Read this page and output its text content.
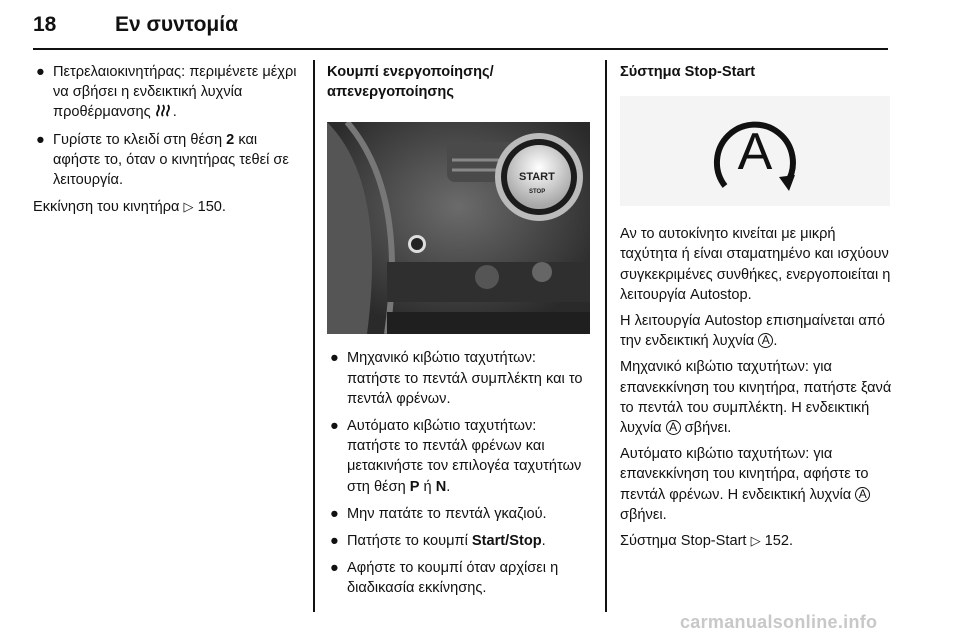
18	Εν συντομία
● Πετρελαιοκινητήρας: περιμένετε μέχρι να σβήσει η ενδεικτική λυχνία προθέρμανσης .
● Γυρίστε το κλειδί στη θέση 2 και αφήστε το, όταν ο κινητήρας τεθεί σε λειτουργία.

Εκκίνηση του κινητήρα ▷ 150.

Κουμπί ενεργοποίησης/ απενεργοποίησης
START
STOP
● Μηχανικό κιβώτιο ταχυτήτων: πατήστε το πεντάλ συμπλέκτη και το πεντάλ φρένων.
● Αυτόματο κιβώτιο ταχυτήτων: πατήστε το πεντάλ φρένων και μετακινήστε τον επιλογέα ταχυτήτων στη θέση P ή N.
● Μην πατάτε το πεντάλ γκαζιού.
● Πατήστε το κουμπί Start/Stop.
● Αφήστε το κουμπί όταν αρχίσει η διαδικασία εκκίνησης.
Σύστημα Stop-Start
A

Αν το αυτοκίνητο κινείται με μικρή ταχύτητα ή είναι σταματημένο και ισχύουν συγκεκριμένες συνθήκες, ενεργοποιείται η λειτουργία Autostop.

Η λειτουργία Autostop επισημαίνεται από την ενδεικτική λυχνία A .

Μηχανικό κιβώτιο ταχυτήτων: για επανεκκίνηση του κινητήρα, πατήστε ξανά το πεντάλ του συμπλέκτη. Η ενδεικτική λυχνία A σβήνει.

Αυτόματο κιβώτιο ταχυτήτων: για επανεκκίνηση του κινητήρα, αφήστε το πεντάλ φρένων. Η ενδεικτική λυχνία A σβήνει.

Σύστημα Stop-Start ▷ 152.

carmanualsonline.info
